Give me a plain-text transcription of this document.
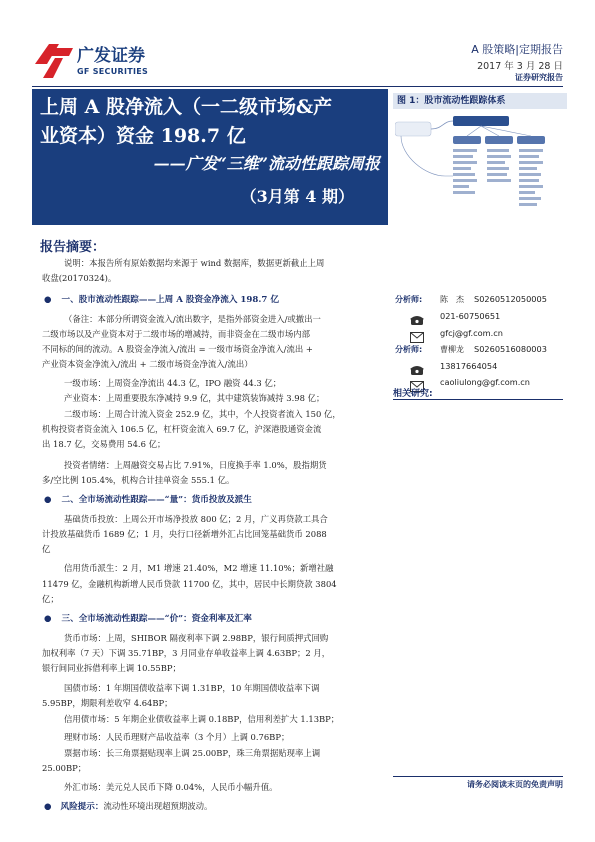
广发证券
GF SECURITIES
A 股策略|定期报告
2017 年 3 月 28 日
证券研究报告
上周 A 股净流入（一二级市场&产
业资本）资金 198.7 亿
——广发“三维”流动性跟踪周报
（3月第 4 期）
图 1：股市流动性跟踪体系
报告摘要：
说明：本报告所有原始数据均来源于 wind 数据库，数据更新截止上周
收盘(20170324)。
● 一、股市流动性跟踪——上周 A 股资金净流入 198.7 亿
（备注：本部分所谓资金流入/流出数字，是指外部资金进入/或撤出一
二级市场以及产业资本对于二级市场的增减持，而非资金在二级市场内部
不同标的间的流动。A 股资金净流入/流出 = 一级市场资金净流入/流出 +
产业资本资金净流入/流出 + 二级市场资金净流入/流出）
一级市场：上周资金净流出 44.3 亿，IPO 融资 44.3 亿；
产业资本：上周重要股东净减持 9.9 亿，其中建筑装饰减持 3.98 亿；
二级市场：上周合计流入资金 252.9 亿，其中，个人投资者流入 150 亿，
机构投资者资金流入 106.5 亿，杠杆资金流入 69.7 亿，沪深港股通资金流
出 18.7 亿，交易费用 54.6 亿；
投资者情绪：上周融资交易占比 7.91%，日度换手率 1.0%，股指期货
多/空比例 105.4%，机构合计挂单资金 555.1 亿。
● 二、全市场流动性跟踪——“量”：货币投放及派生
基础货币投放：上周公开市场净投放 800 亿；2 月，广义再贷款工具合
计投放基础货币 1689 亿；1 月，央行口径新增外汇占比回笼基础货币 2088
亿
信用货币派生：2 月，M1 增速 21.40%，M2 增速 11.10%；新增社融
11479 亿，金融机构新增人民币贷款 11700 亿，其中，居民中长期贷款 3804
亿；
● 三、全市场流动性跟踪——“价”：资金利率及汇率
货币市场：上周，SHIBOR 隔夜利率下调 2.98BP，银行间质押式回购
加权利率（7 天）下调 35.71BP，3 月同业存单收益率上调 4.63BP；2 月，
银行间同业拆借利率上调 10.55BP；
国债市场：1 年期国债收益率下调 1.31BP，10 年期国债收益率下调
5.95BP，期限利差收窄 4.64BP；
信用债市场：5 年期企业债收益率上调 0.18BP，信用利差扩大 1.13BP；
理财市场：人民币理财产品收益率（3 个月）上调 0.76BP；
票据市场：长三角票据贴现率上调 25.00BP，珠三角票据贴现率上调
25.00BP；
外汇市场：美元兑人民币下降 0.04%，人民币小幅升值。
●   风险提示：流动性环境出现超预期波动。
分析师: 陈　杰 S0260512050005
021-60750651
gfcj@gf.com.cn
分析师: 曹柳龙 S0260516080003
13817664054
caoliulong@gf.com.cn
相关研究:
请务必阅读末页的免责声明
